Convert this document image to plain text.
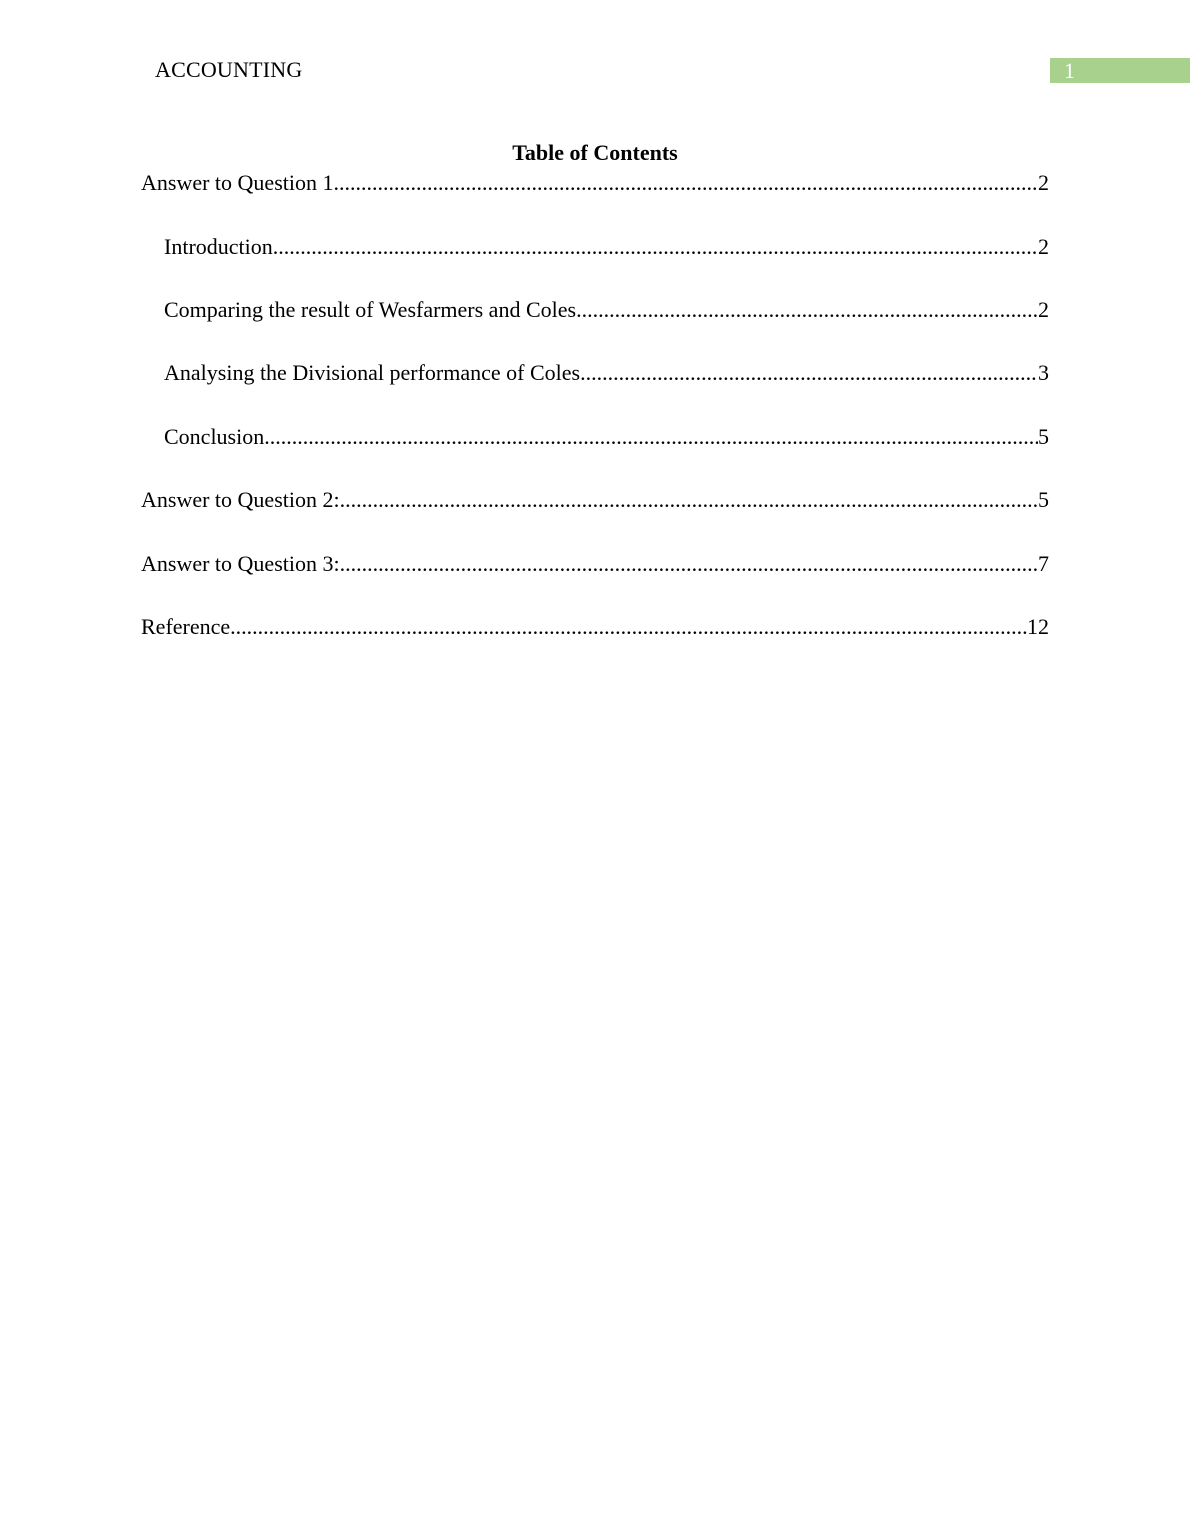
ACCOUNTING	1
Table of Contents
Answer to Question 1 .....	2
Introduction .....	2
Comparing the result of Wesfarmers and Coles .....	2
Analysing the Divisional performance of Coles .....	3
Conclusion .....	5
Answer to Question 2: .....	5
Answer to Question 3: .....	7
Reference .....	12
